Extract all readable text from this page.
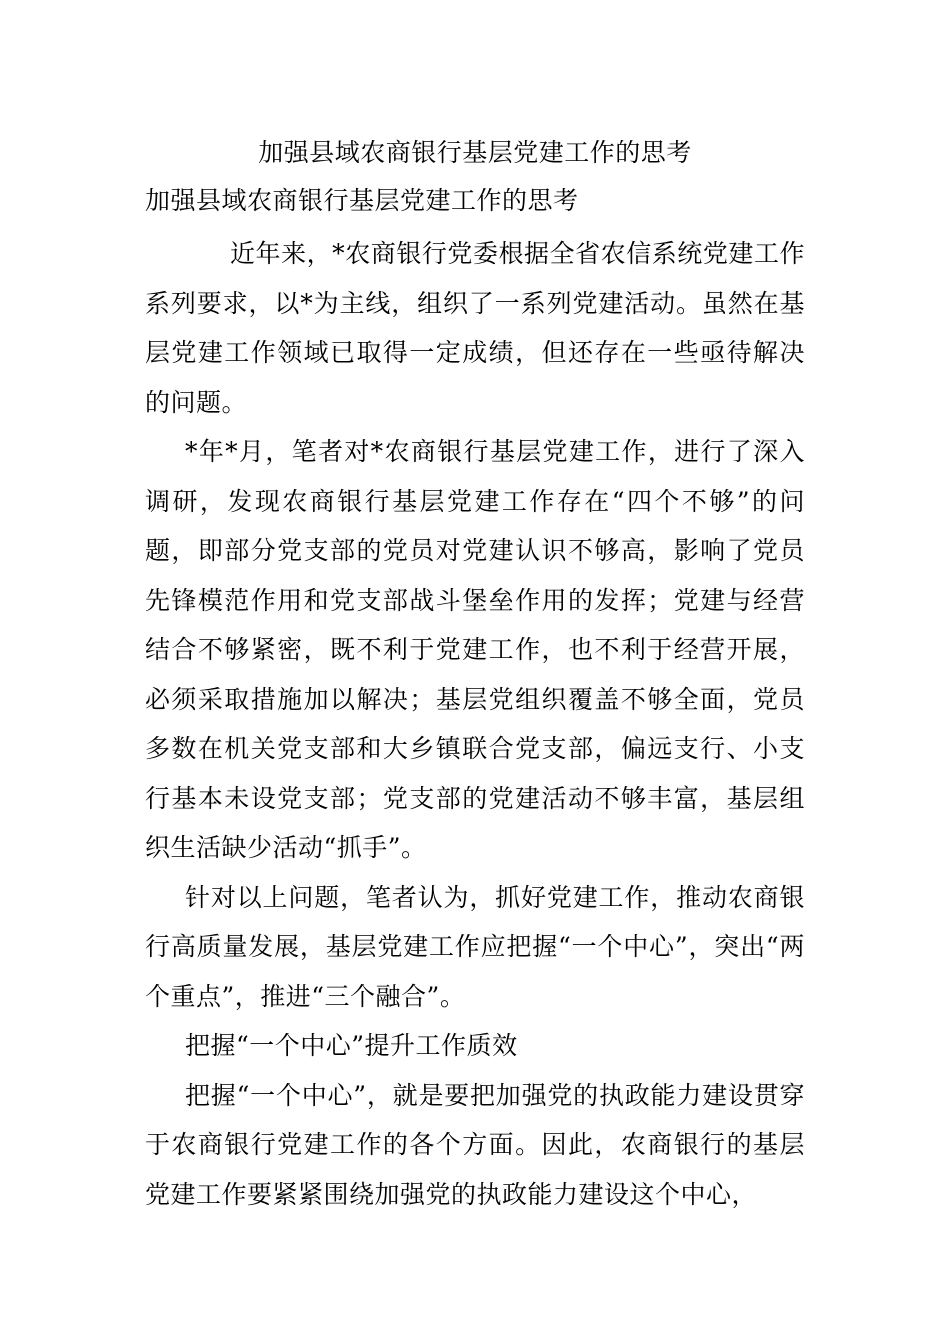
加强县域农商银行基层党建工作的思考
加强县域农商银行基层党建工作的思考

近年来，*农商银行党委根据全省农信系统党建工作系列要求，以*为主线，组织了一系列党建活动。虽然在基层党建工作领域已取得一定成绩，但还存在一些亟待解决的问题。

*年*月，笔者对*农商银行基层党建工作，进行了深入调研，发现农商银行基层党建工作存在“四个不够”的问题，即部分党支部的党员对党建认识不够高，影响了党员先锋模范作用和党支部战斗堡垒作用的发挥；党建与经营结合不够紧密，既不利于党建工作，也不利于经营开展，必须采取措施加以解决；基层党组织覆盖不够全面，党员多数在机关党支部和大乡镇联合党支部，偏远支行、小支行基本未设党支部；党支部的党建活动不够丰富，基层组织生活缺少活动“抓手”。

针对以上问题，笔者认为，抓好党建工作，推动农商银行高质量发展，基层党建工作应把握“一个中心”，突出“两个重点”，推进“三个融合”。

把握“一个中心”提升工作质效

把握“一个中心”，就是要把加强党的执政能力建设贯穿于农商银行党建工作的各个方面。因此，农商银行的基层党建工作要紧紧围绕加强党的执政能力建设这个中心，
